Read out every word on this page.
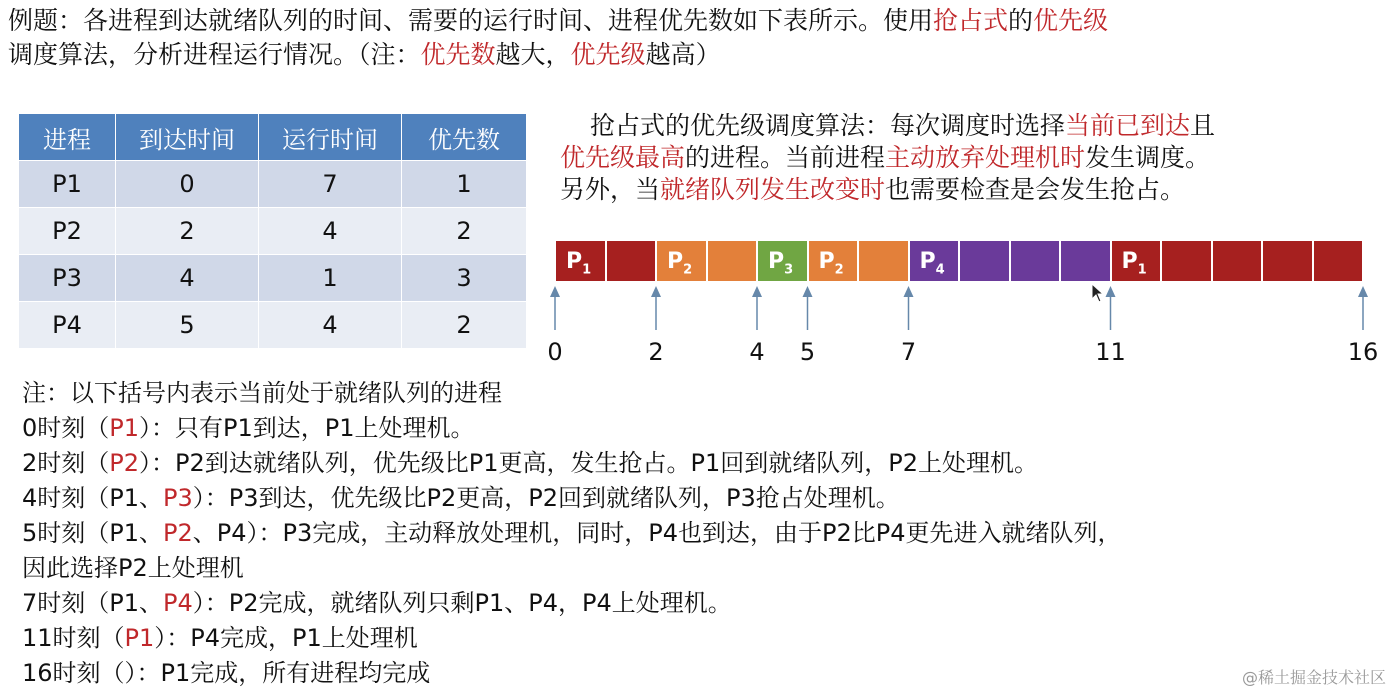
例题：各进程到达就绪队列的时间、需要的运行时间、进程优先数如下表所示。使用抢占式的优先级
调度算法，分析进程运行情况。（注：优先数越大，优先级越高）
进程	到达时间	运行时间	优先数
P1	0	7	1
P2	2	4	2
P3	4	1	3
P4	5	4	2
抢占式的优先级调度算法：每次调度时选择当前已到达且
优先级最高的进程。当前进程主动放弃处理机时发生调度。
另外，当就绪队列发生改变时也需要检查是会发生抢占。
$P_1$	$P_2$	$P_3$	$P_2$	$P_4$	$P_1$
0	2	4 5	7	11	16
注：以下括号内表示当前处于就绪队列的进程
0时刻（P1）：只有P1到达，P1上处理机。
2时刻（P2）：P2到达就绪队列，优先级比P1更高，发生抢占。P1回到就绪队列，P2上处理机。
4时刻（P1、P3）：P3到达，优先级比P2更高，P2回到就绪队列，P3抢占处理机。
5时刻（P1、P2、P4）：P3完成，主动释放处理机，同时，P4也到达，由于P2比P4更先进入就绪队列，
因此选择P2上处理机
7时刻（P1、P4）：P2完成，就绪队列只剩P1、P4，P4上处理机。
11时刻（P1）：P4完成，P1上处理机
16时刻（）：P1完成，所有进程均完成	@稀土掘金技术社区
